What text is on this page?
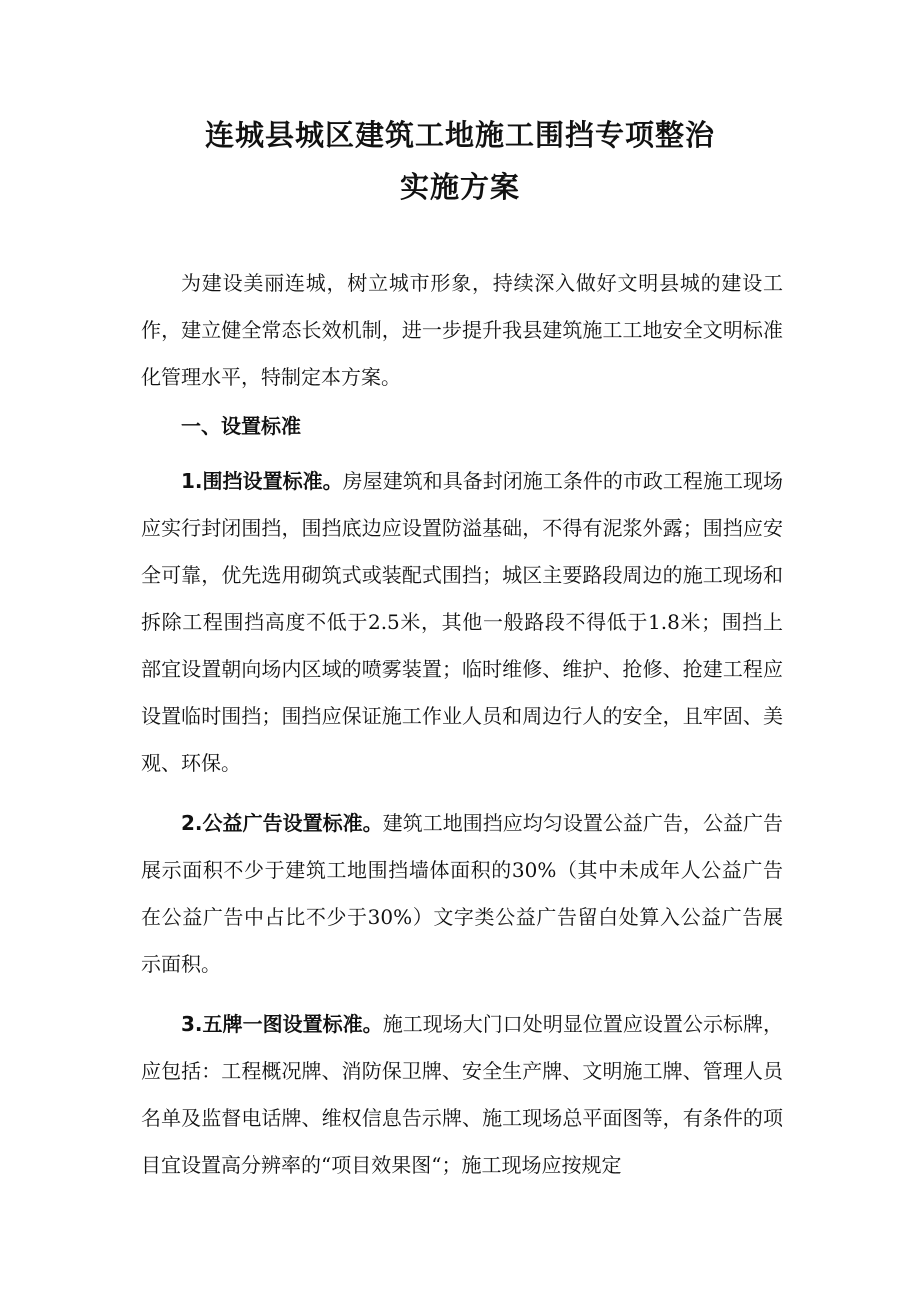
连城县城区建筑工地施工围挡专项整治
实施方案

为建设美丽连城，树立城市形象，持续深入做好文明县城的建设工作，建立健全常态长效机制，进一步提升我县建筑施工工地安全文明标准化管理水平，特制定本方案。

一、设置标准

1.围挡设置标准。房屋建筑和具备封闭施工条件的市政工程施工现场应实行封闭围挡，围挡底边应设置防溢基础，不得有泥浆外露；围挡应安全可靠，优先选用砌筑式或装配式围挡；城区主要路段周边的施工现场和拆除工程围挡高度不低于2.5米，其他一般路段不得低于1.8米；围挡上部宜设置朝向场内区域的喷雾装置；临时维修、维护、抢修、抢建工程应设置临时围挡；围挡应保证施工作业人员和周边行人的安全，且牢固、美观、环保。

2.公益广告设置标准。建筑工地围挡应均匀设置公益广告，公益广告展示面积不少于建筑工地围挡墙体面积的30%（其中未成年人公益广告在公益广告中占比不少于30%）文字类公益广告留白处算入公益广告展示面积。

3.五牌一图设置标准。施工现场大门口处明显位置应设置公示标牌，应包括：工程概况牌、消防保卫牌、安全生产牌、文明施工牌、管理人员名单及监督电话牌、维权信息告示牌、施工现场总平面图等，有条件的项目宜设置高分辨率的“项目效果图“；施工现场应按规定
